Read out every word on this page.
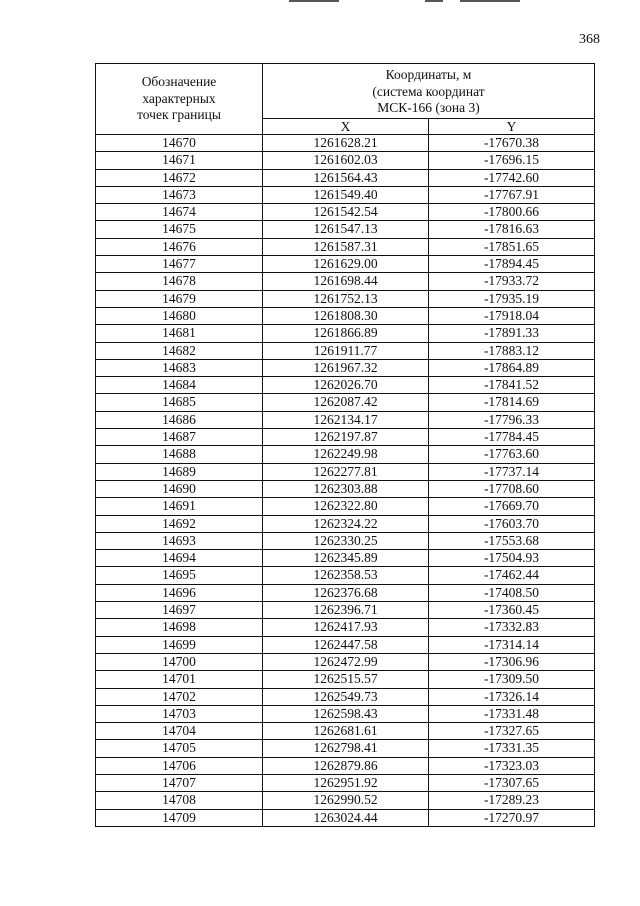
368
Обозначение
характерных
точек границы	Координаты, м
(система координат
МСК-166 (зона 3)	

	X	Y
14670	1261628.21	-17670.38
14671	1261602.03	-17696.15
14672	1261564.43	-17742.60
14673	1261549.40	-17767.91
14674	1261542.54	-17800.66
14675	1261547.13	-17816.63
14676	1261587.31	-17851.65
14677	1261629.00	-17894.45
14678	1261698.44	-17933.72
14679	1261752.13	-17935.19
14680	1261808.30	-17918.04
14681	1261866.89	-17891.33
14682	1261911.77	-17883.12
14683	1261967.32	-17864.89
14684	1262026.70	-17841.52
14685	1262087.42	-17814.69
14686	1262134.17	-17796.33
14687	1262197.87	-17784.45
14688	1262249.98	-17763.60
14689	1262277.81	-17737.14
14690	1262303.88	-17708.60
14691	1262322.80	-17669.70
14692	1262324.22	-17603.70
14693	1262330.25	-17553.68
14694	1262345.89	-17504.93
14695	1262358.53	-17462.44
14696	1262376.68	-17408.50
14697	1262396.71	-17360.45
14698	1262417.93	-17332.83
14699	1262447.58	-17314.14
14700	1262472.99	-17306.96
14701	1262515.57	-17309.50
14702	1262549.73	-17326.14
14703	1262598.43	-17331.48
14704	1262681.61	-17327.65
14705	1262798.41	-17331.35
14706	1262879.86	-17323.03
14707	1262951.92	-17307.65
14708	1262990.52	-17289.23
14709	1263024.44	-17270.97
